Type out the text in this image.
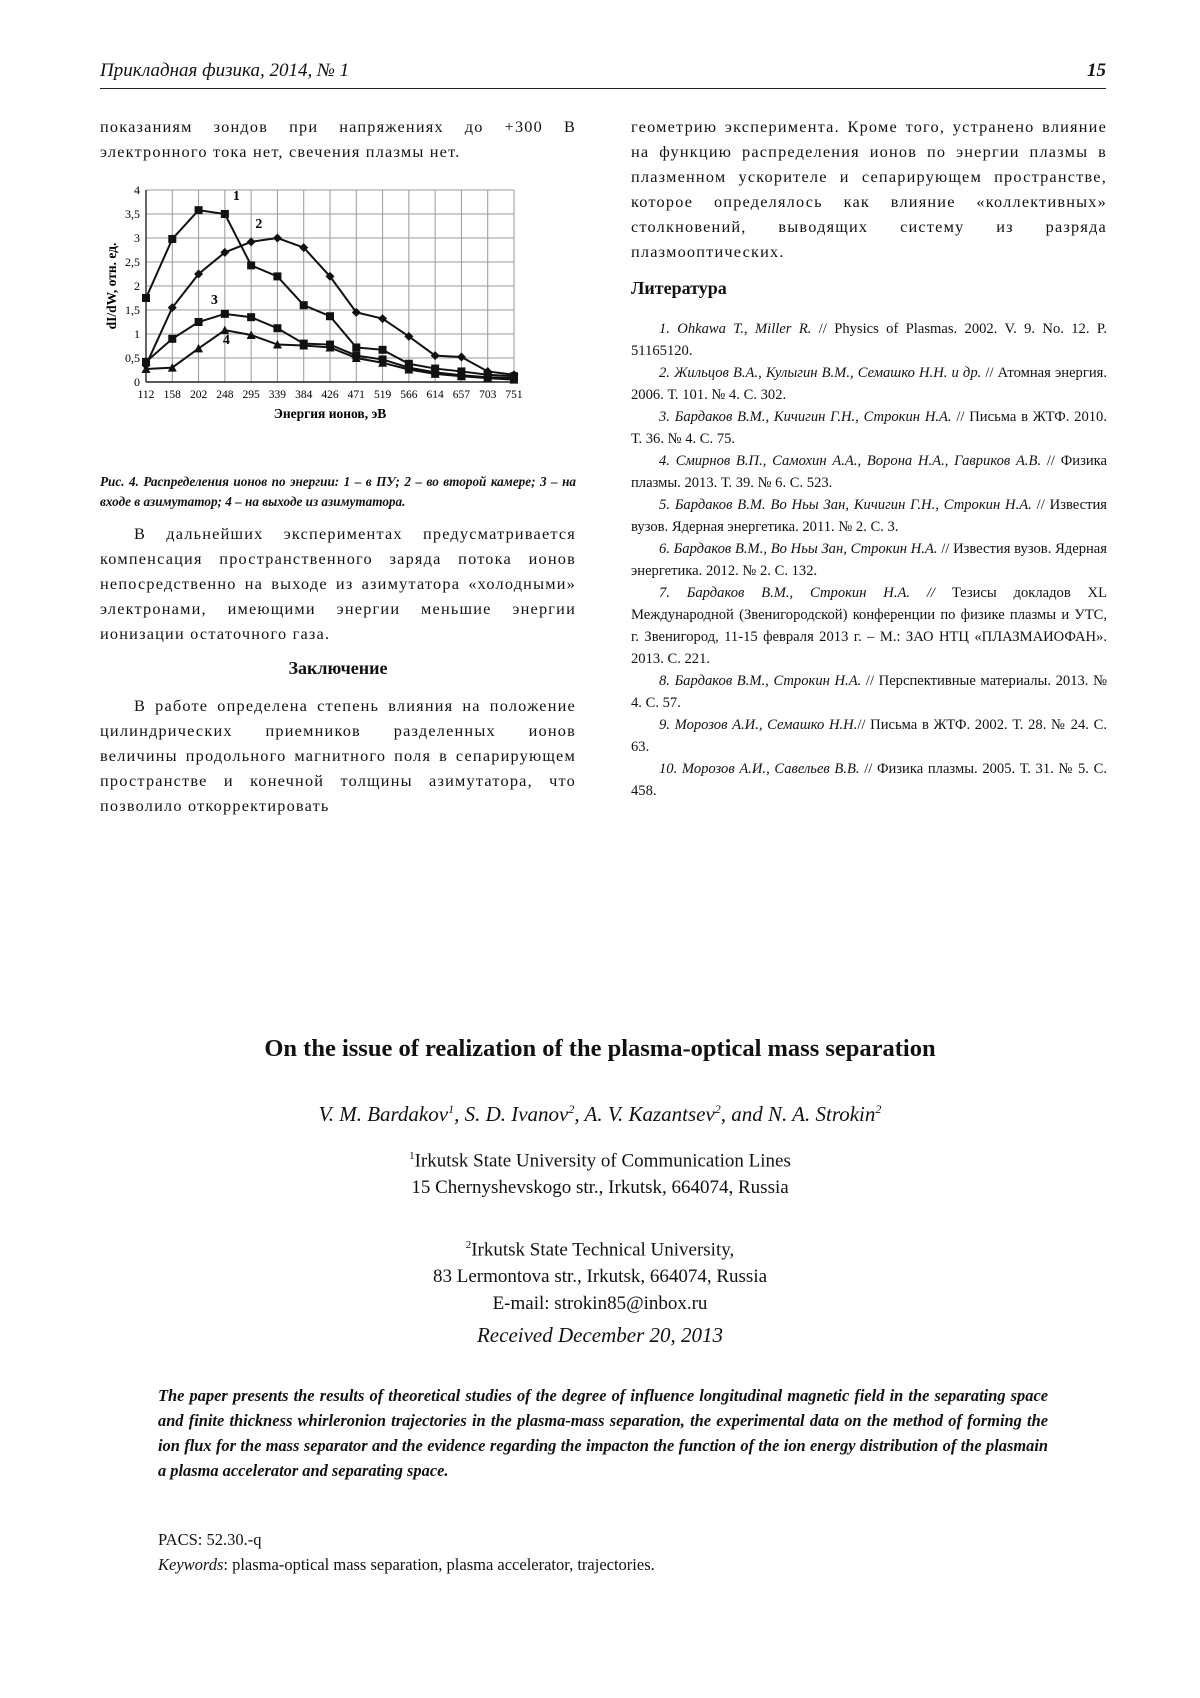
Прикладная физика, 2014, № 1	15

показаниям зондов при напряжениях до +300 В электронного тока нет, свечения плазмы нет.

0
0,5
1
1,5
2
2,5
3
3,5
4
112 158 202 248 295 339 384 426 471 519 566 614 657 703 751
Энергия ионов, эВ
dI/dW, отн. ед.
1
2
3
4
Рис. 4. Распределения ионов по энергии: 1 – в ПУ; 2 – во второй камере; 3 – на входе в азимутатор; 4 – на выходе из азимутатора.

В дальнейших экспериментах предусматривается компенсация пространственного заряда потока ионов непосредственно на выходе из азимутатора «холодными» электронами, имеющими энергии меньшие энергии ионизации остаточного газа.

Заключение

В работе определена степень влияния на положение цилиндрических приемников разделенных ионов величины продольного магнитного поля в сепарирующем пространстве и конечной толщины азимутатора, что позволило откорректировать

геометрию эксперимента. Кроме того, устранено влияние на функцию распределения ионов по энергии плазмы в плазменном ускорителе и сепарирующем пространстве, которое определялось как влияние «коллективных» столкновений, выводящих систему из разряда плазмооптических.

Литература
1. Ohkawa T., Miller R. // Physics of Plasmas. 2002. V. 9. No. 12. P. 51165120.
2. Жильцов В.А., Кулыгин В.М., Семашко Н.Н. и др. // Атомная энергия. 2006. Т. 101. № 4. С. 302.
3. Бардаков В.М., Кичигин Г.Н., Строкин Н.А. // Письма в ЖТФ. 2010. Т. 36. № 4. С. 75.
4. Смирнов В.П., Самохин А.А., Ворона Н.А., Гавриков А.В. // Физика плазмы. 2013. Т. 39. № 6. С. 523.
5. Бардаков В.М. Во Ньы Зан, Кичигин Г.Н., Строкин Н.А. // Известия вузов. Ядерная энергетика. 2011. № 2. С. 3.
6. Бардаков В.М., Во Ньы Зан, Строкин Н.А. // Известия вузов. Ядерная энергетика. 2012. № 2. С. 132.
7. Бардаков В.М., Строкин Н.А. // Тезисы докладов XL Международной (Звенигородской) конференции по физике плазмы и УТС, г. Звенигород, 11-15 февраля 2013 г. – М.: ЗАО НТЦ «ПЛАЗМАИОФАН». 2013. С. 221.
8. Бардаков В.М., Строкин Н.А. // Перспективные материалы. 2013. № 4. С. 57.
9. Морозов А.И., Семашко Н.Н.// Письма в ЖТФ. 2002. Т. 28. № 24. С. 63.
10. Морозов А.И., Савельев В.В. // Физика плазмы. 2005. Т. 31. № 5. С. 458.
On the issue of realization of the plasma-optical mass separation
V. M. Bardakov$^1$, S. D. Ivanov$^2$, A. V. Kazantsev$^2$, and N. A. Strokin$^2$
$^1$Irkutsk State University of Communication Lines
15 Chernyshevskogo str., Irkutsk, 664074, Russia
$^2$Irkutsk State Technical University,
83 Lermontova str., Irkutsk, 664074, Russia
E-mail: strokin85@inbox.ru
Received December 20, 2013
The paper presents the results of theoretical studies of the degree of influence longitudinal magnetic field in the separating space and finite thickness whirleronion trajectories in the plasma-mass separation, the experimental data on the method of forming the ion flux for the mass separator and the evidence regarding the impacton the function of the ion energy distribution of the plasmain a plasma accelerator and separating space.
PACS: 52.30.-q
Keywords: plasma-optical mass separation, plasma accelerator, trajectories.
